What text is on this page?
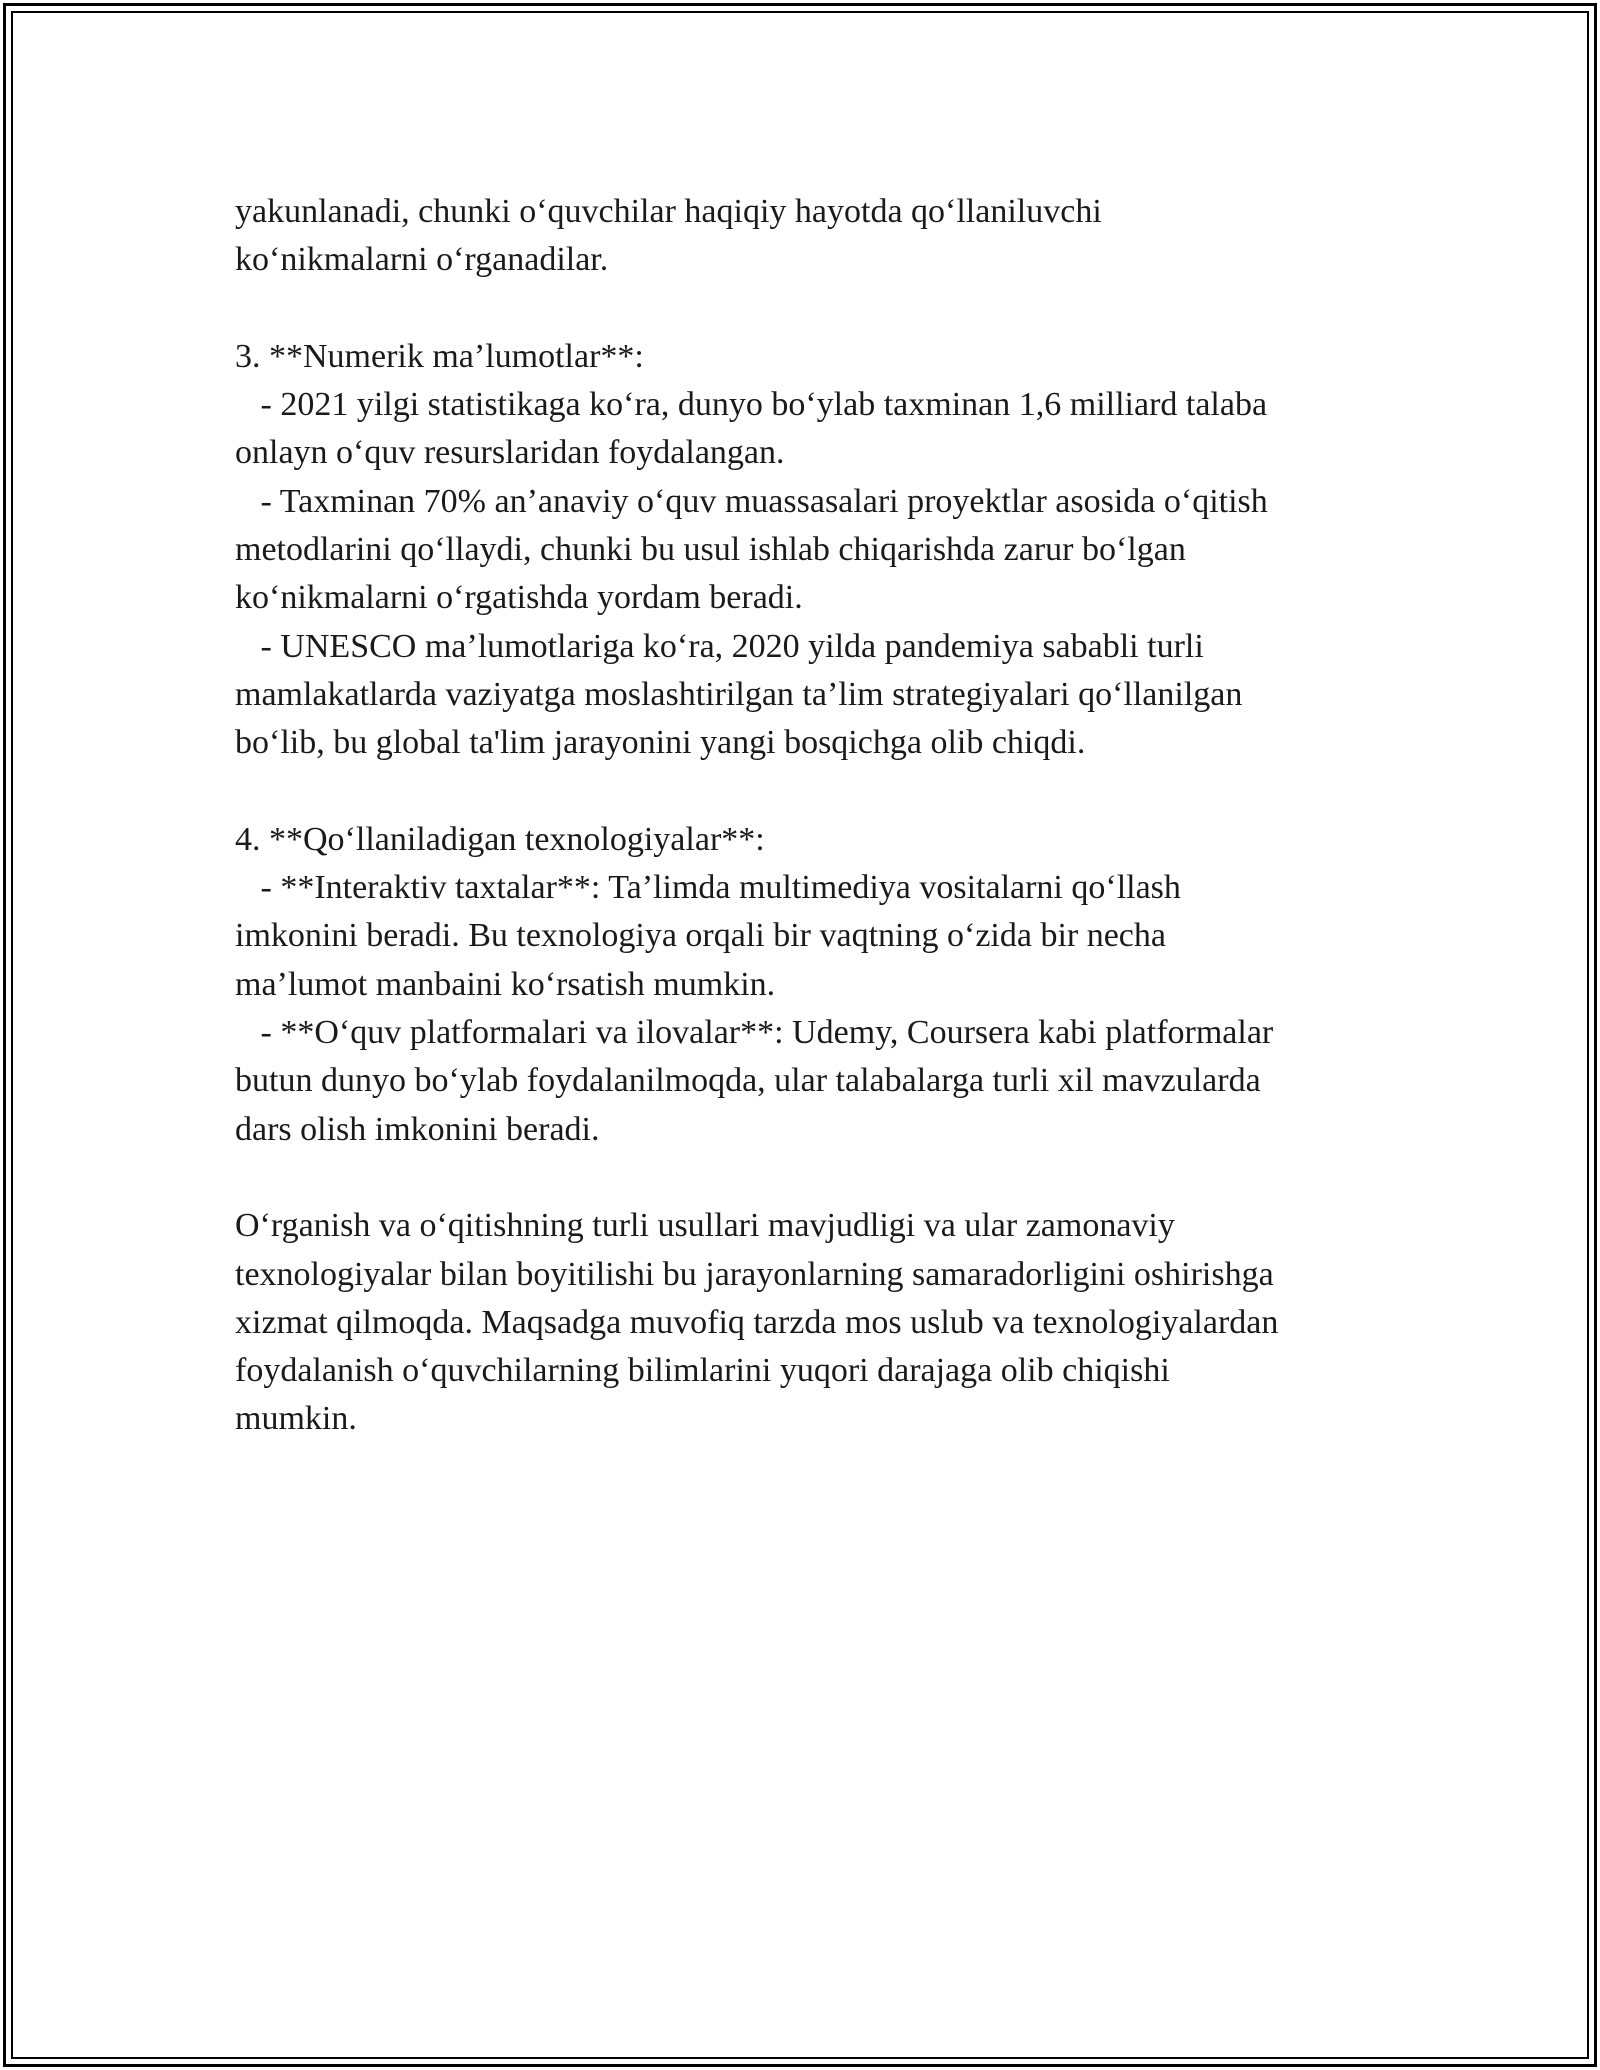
yakunlanadi, chunki o‘quvchilar haqiqiy hayotda qo‘llaniluvchi
ko‘nikmalarni o‘rganadilar.
3. **Numerik ma’lumotlar**:
- 2021 yilgi statistikaga ko‘ra, dunyo bo‘ylab taxminan 1,6 milliard talaba
onlayn o‘quv resurslaridan foydalangan.
- Taxminan 70% an’anaviy o‘quv muassasalari proyektlar asosida o‘qitish
metodlarini qo‘llaydi, chunki bu usul ishlab chiqarishda zarur bo‘lgan
ko‘nikmalarni o‘rgatishda yordam beradi.
- UNESCO ma’lumotlariga ko‘ra, 2020 yilda pandemiya sababli turli
mamlakatlarda vaziyatga moslashtirilgan ta’lim strategiyalari qo‘llanilgan
bo‘lib, bu global ta'lim jarayonini yangi bosqichga olib chiqdi.
4. **Qo‘llaniladigan texnologiyalar**:
- **Interaktiv taxtalar**: Ta’limda multimediya vositalarni qo‘llash
imkonini beradi. Bu texnologiya orqali bir vaqtning o‘zida bir necha
ma’lumot manbaini ko‘rsatish mumkin.
- **O‘quv platformalari va ilovalar**: Udemy, Coursera kabi platformalar
butun dunyo bo‘ylab foydalanilmoqda, ular talabalarga turli xil mavzularda
dars olish imkonini beradi.
O‘rganish va o‘qitishning turli usullari mavjudligi va ular zamonaviy
texnologiyalar bilan boyitilishi bu jarayonlarning samaradorligini oshirishga
xizmat qilmoqda. Maqsadga muvofiq tarzda mos uslub va texnologiyalardan
foydalanish o‘quvchilarning bilimlarini yuqori darajaga olib chiqishi
mumkin.
